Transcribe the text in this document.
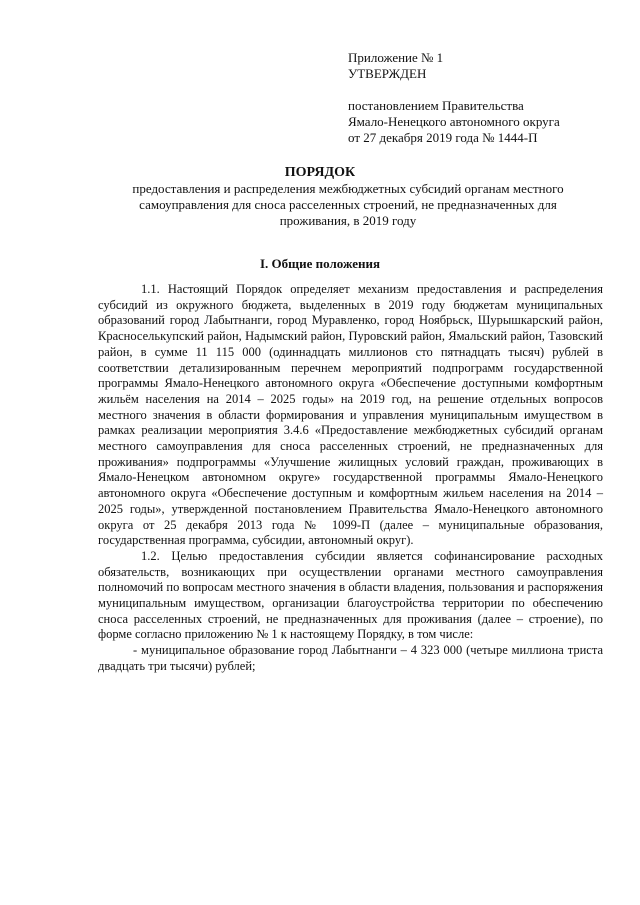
Приложение № 1
УТВЕРЖДЕН
постановлением Правительства
Ямало-Ненецкого автономного округа
от 27 декабря 2019 года № 1444-П
ПОРЯДОК
предоставления и распределения межбюджетных субсидий органам местного самоуправления для сноса расселенных строений, не предназначенных для проживания, в 2019 году
I. Общие положения

1.1. Настоящий Порядок определяет механизм предоставления и распределения субсидий из окружного бюджета, выделенных в 2019 году бюджетам муниципальных образований город Лабытнанги, город Муравленко, город Ноябрьск, Шурышкарский район, Красноселькупский район, Надымский район, Пуровский район, Ямальский район, Тазовский район, в сумме 11 115 000 (одиннадцать миллионов сто пятнадцать тысяч) рублей в соответствии детализированным перечнем мероприятий подпрограмм государственной программы Ямало-Ненецкого автономного округа «Обеспечение доступными комфортным жильём населения на 2014 – 2025 годы» на 2019 год, на решение отдельных вопросов местного значения в области формирования и управления муниципальным имуществом в рамках реализации мероприятия 3.4.6 «Предоставление межбюджетных субсидий органам местного самоуправления для сноса расселенных строений, не предназначенных для проживания» подпрограммы «Улучшение жилищных условий граждан, проживающих в Ямало-Ненецком автономном округе» государственной программы Ямало-Ненецкого автономного округа «Обеспечение доступным и комфортным жильем населения на 2014 – 2025 годы», утвержденной постановлением Правительства Ямало-Ненецкого автономного округа от 25 декабря 2013 года № 1099-П (далее – муниципальные образования, государственная программа, субсидии, автономный округ).

1.2. Целью предоставления субсидии является софинансирование расходных обязательств, возникающих при осуществлении органами местного самоуправления полномочий по вопросам местного значения в области владения, пользования и распоряжения муниципальным имуществом, организации благоустройства территории по обеспечению сноса расселенных строений, не предназначенных для проживания (далее – строение), по форме согласно приложению № 1 к настоящему Порядку, в том числе:

- муниципальное образование город Лабытнанги – 4 323 000 (четыре миллиона триста двадцать три тысячи) рублей;
